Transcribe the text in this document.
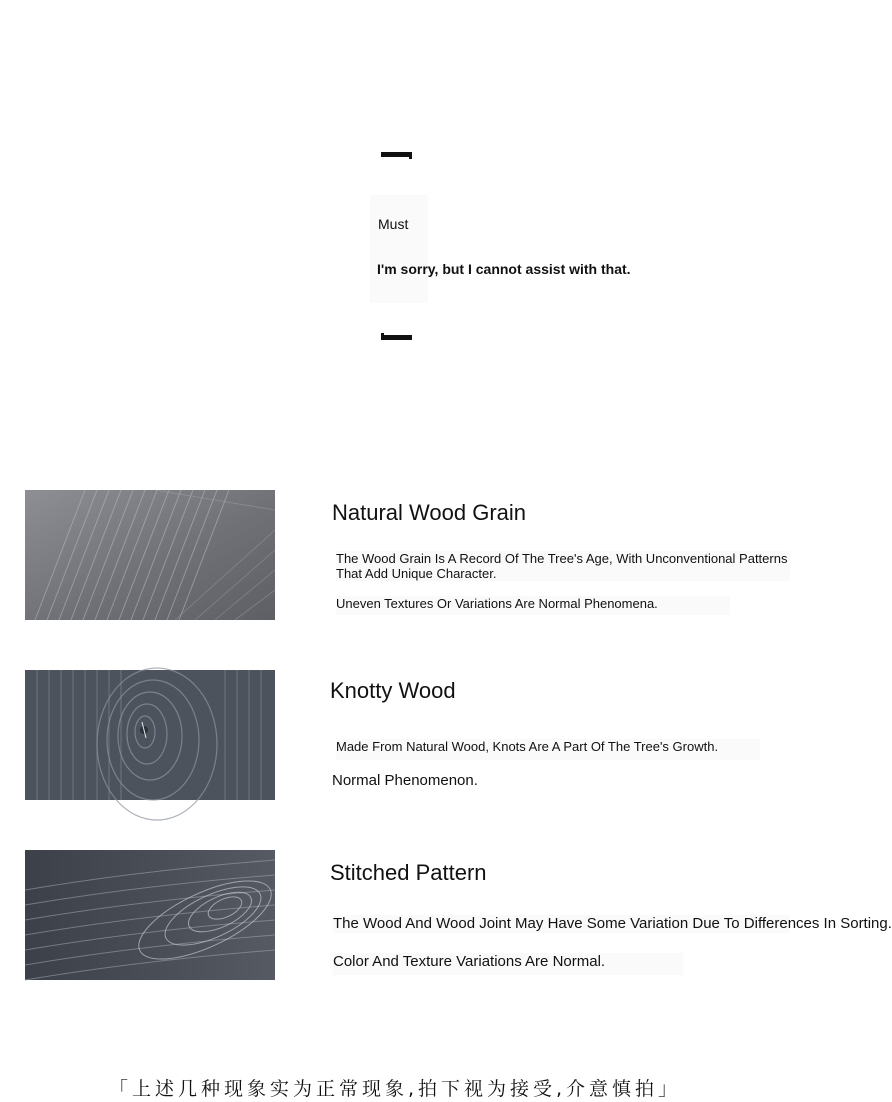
Must
I'm sorry, but I cannot assist with that.
Natural Wood Grain
The Wood Grain Is A Record Of The Tree's Age, With Unconventional Patterns That Add Unique Character.
Uneven Textures Or Variations Are Normal Phenomena.
Knotty Wood
Made From Natural Wood, Knots Are A Part Of The Tree's Growth.
Normal Phenomenon.
Stitched Pattern
The Wood And Wood Joint May Have Some Variation Due To Differences In Sorting.
Color And Texture Variations Are Normal.
「上述几种现象实为正常现象,拍下视为接受,介意慎拍」
